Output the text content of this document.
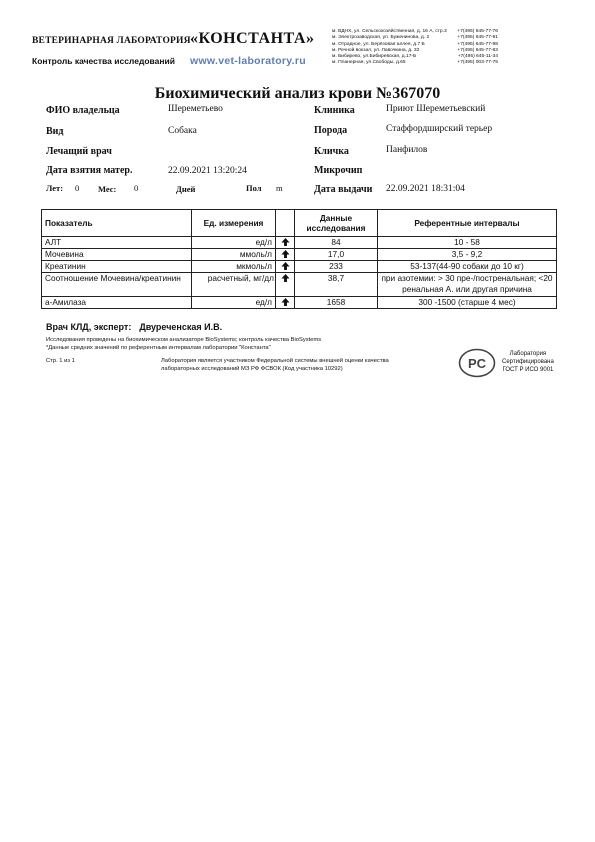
ВЕТЕРИНАРНАЯ ЛАБОРАТОРИЯ «КОНСТАНТА»
Контроль качества исследований www.vet-laboratory.ru
м. ВДНХ, ул. Сельскохозяйственная, д. 16 А, стр.3 +7(495) 645-77-76
м. Электрозаводская, ул. Буженинова, д. 2	+7(495) 645-77-91
м. Отрадное, ул. Берёзовая аллея, д.7 Б	+7(495) 645-77-98
м. Речной вокзал, ул. Лавочкина, д. 32	+7(495) 645-77-83
м. Бибирево, ул.Бибиревская, д.17-Б	+7(495) 645-11-34
м. Планерная, ул.Свободы, д.65	+7(495) 003-77-75
Биохимический анализ крови №367070
ФИО владельца	Шереметьево
Вид	Собака
Лечащий врач
Дата взятия матер.	22.09.2021 13:20:24
Лет: 0 Мес: 0	Дней	Пол m
Клиника	Приют Шереметьевский
Порода	Стаффордширский терьер
Кличка	Панфилов
Микрочип
Дата выдачи 22.09.2021 18:31:04
Показатель	Ед. измерения		Данные исследования	Референтные интервалы
АЛТ	ед/л		84	10 - 58
Мочевина	ммоль/л		17,0	3,5 - 9,2
Креатинин	мкмоль/л		233	53-137(44-90 собаки до 10 кг)
Соотношение Мочевина/креатинин	расчетный, мг/дл		38,7	при азотемии: > 30 пре-/постренальная; <20 ренальная А. или другая причина
а-Амилаза	ед/л		1658	300 -1500 (старше 4 мес)
Врач КЛД, эксперт: Двуреченская И.В.
Исследования проведены на биохимическом анализаторе BioSystems; контроль качества BioSystems
*Данные средних значений по референтным интервалам лаборатории "Константа"
Стр. 1 из 1	Лаборатория является участником Федеральной системы внешней оценки качества
лабораторных исследований МЗ РФ ФСВОК (Код участника 10292)	PC
Лаборатория
Сертифицирована
ГОСТ Р ИСО 9001
